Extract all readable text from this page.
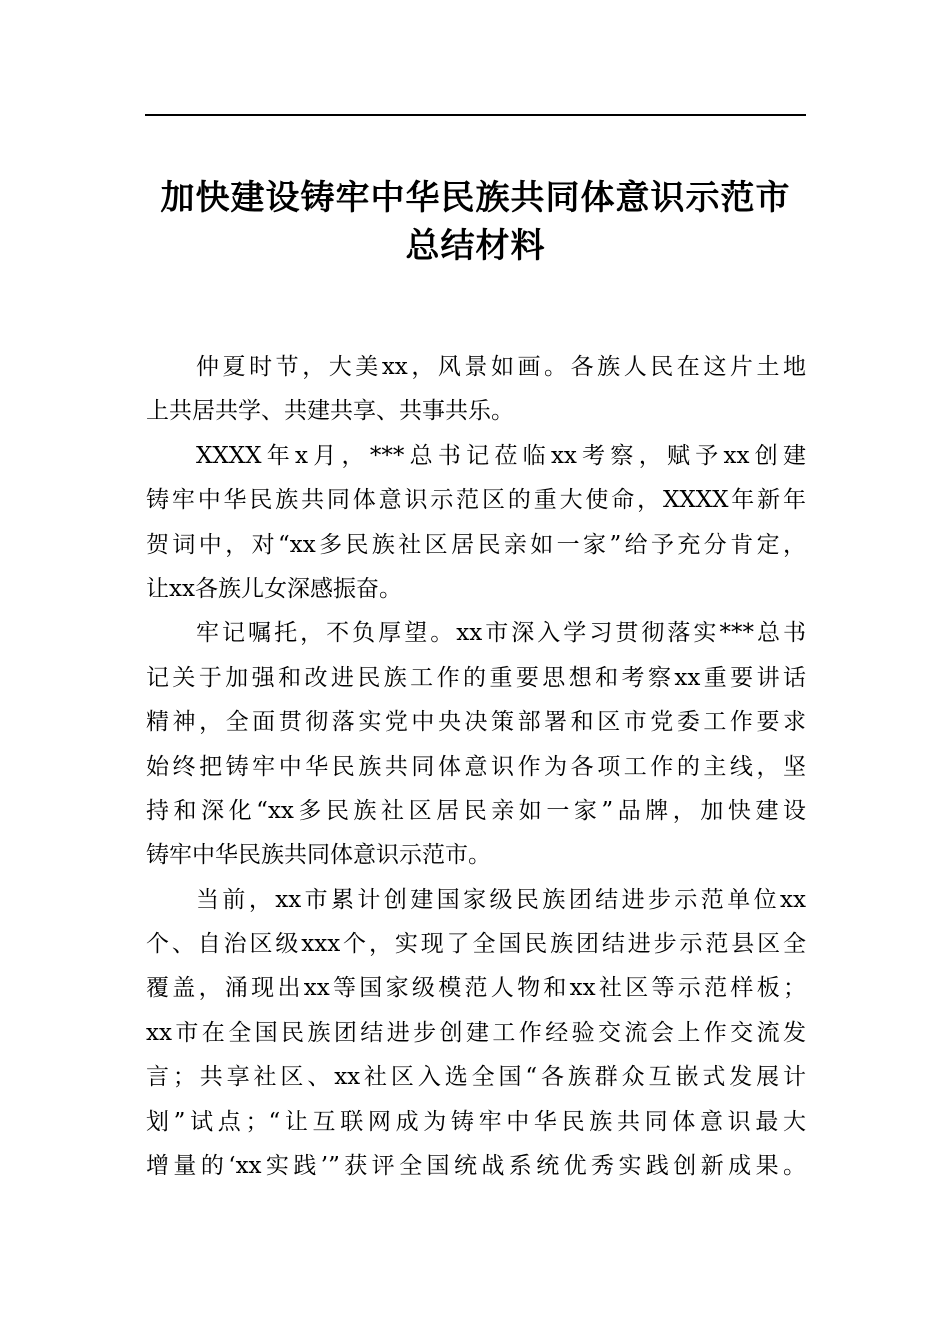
加快建设铸牢中华民族共同体意识示范市
总结材料
仲夏时节，大美xx，风景如画。各族人民在这片土地
上共居共学、共建共享、共事共乐。
XXXX年x月，***总书记莅临xx考察，赋予xx创建
铸牢中华民族共同体意识示范区的重大使命，XXXX年新年
贺词中，对“xx多民族社区居民亲如一家”给予充分肯定，
让xx各族儿女深感振奋。
牢记嘱托，不负厚望。xx市深入学习贯彻落实***总书
记关于加强和改进民族工作的重要思想和考察xx重要讲话
精神，全面贯彻落实党中央决策部署和区市党委工作要求
始终把铸牢中华民族共同体意识作为各项工作的主线，坚
持和深化“xx多民族社区居民亲如一家”品牌，加快建设
铸牢中华民族共同体意识示范市。
当前，xx市累计创建国家级民族团结进步示范单位xx
个、自治区级xxx个，实现了全国民族团结进步示范县区全
覆盖，涌现出xx等国家级模范人物和xx社区等示范样板；
xx市在全国民族团结进步创建工作经验交流会上作交流发
言；共享社区、xx社区入选全国“各族群众互嵌式发展计
划”试点；“让互联网成为铸牢中华民族共同体意识最大
增量的‘xx实践’”获评全国统战系统优秀实践创新成果。
